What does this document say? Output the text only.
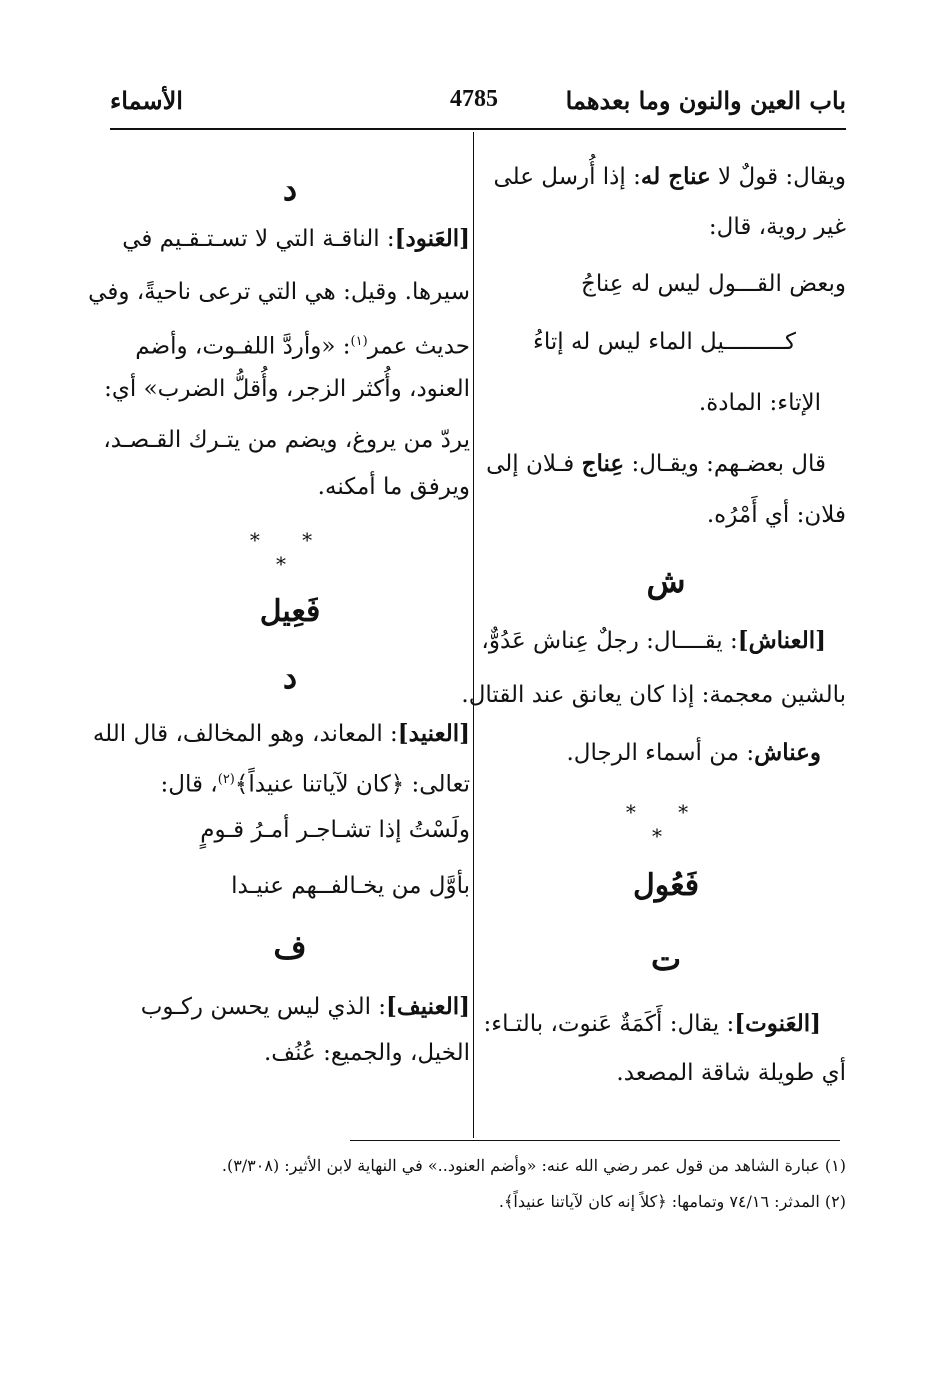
باب العين والنون وما بعدهما
4785
الأسماء
ويقال: قولٌ لا عناج له: إذا أُرسل على
غير روية، قال:
وبعض القـــول ليس له عِناجُ
كـــــــــيل الماء ليس له إتاءُ
الإتاء: المادة.
قال بعضـهم: ويقـال: عِناج فـلان إلى
فلان: أي أَمْرُه.
ش
[العناش]: يقــــال: رجلٌ عِناش عَدُوٌّ،
بالشين معجمة: إذا كان يعانق عند القتال.
وعناش: من أسماء الرجال.
* * *
فَعُول
ت
[العَنوت]: يقال: أَكَمَةٌ عَنوت، بالتـاء:
أي طويلة شاقة المصعد.
د
[العَنود]: الناقـة التي لا تسـتـقـيم في
سيرها. وقيل: هي التي ترعى ناحيةً، وفي
حديث عمر$^{(١)}$: «وأردَّ اللفـوت، وأضم
العنود، وأُكثر الزجر، وأُقلُّ الضرب» أي:
يردّ من يروغ، ويضم من يتـرك القـصـد،
ويرفق ما أمكنه.
* * *
فَعِيل
د
[العنيد]: المعاند، وهو المخالف، قال الله
تعالى: ﴿كان لآياتنا عنيداً﴾$^{(٢)}$، قال:
ولَسْتُ إذا تشـاجـر أمـرُ قـومٍ
بأوَّل من يخـالفــهم عنيـدا
ف
[العنيف]: الذي ليس يحسن ركـوب
الخيل، والجميع: عُنُف.
(١) عبارة الشاهد من قول عمر رضي الله عنه: «وأضم العنود..» في النهاية لابن الأثير: (٣/٣٠٨).
(٢) المدثر: ٧٤/١٦ وتمامها: ﴿كلاً إنه كان لآياتنا عنيداً﴾.
